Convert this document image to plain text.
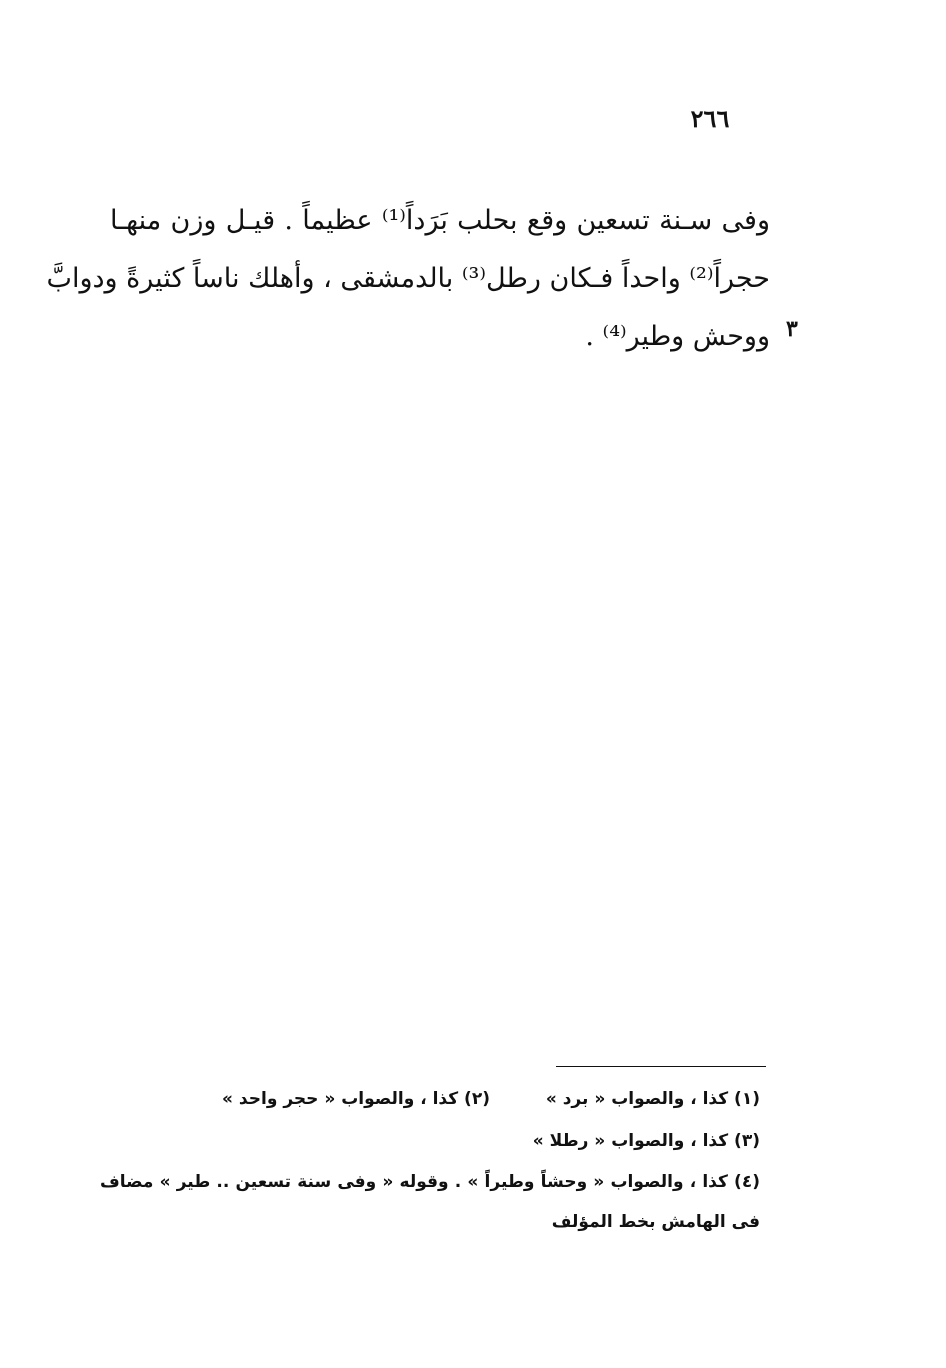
٢٦٦
وفى سـنة تسعين وقع بحلب بَرَداً⁽¹⁾ عظيماً . قيـل وزن منهـا
حجراً⁽²⁾ واحداً فـكان رطل⁽³⁾ بالدمشقى ، وأهلك ناساً كثيرةً ودوابَّ
ووحش وطير⁽⁴⁾ . ٣
(١) كذا ، والصواب « برد »
(٢) كذا ، والصواب « حجر واحد »
(٣) كذا ، والصواب « رطلا »
(٤) كذا ، والصواب « وحشاً وطيراً » . وقوله « وفى سنة تسعين .. طير » مضاف
فى الهامش بخط المؤلف
